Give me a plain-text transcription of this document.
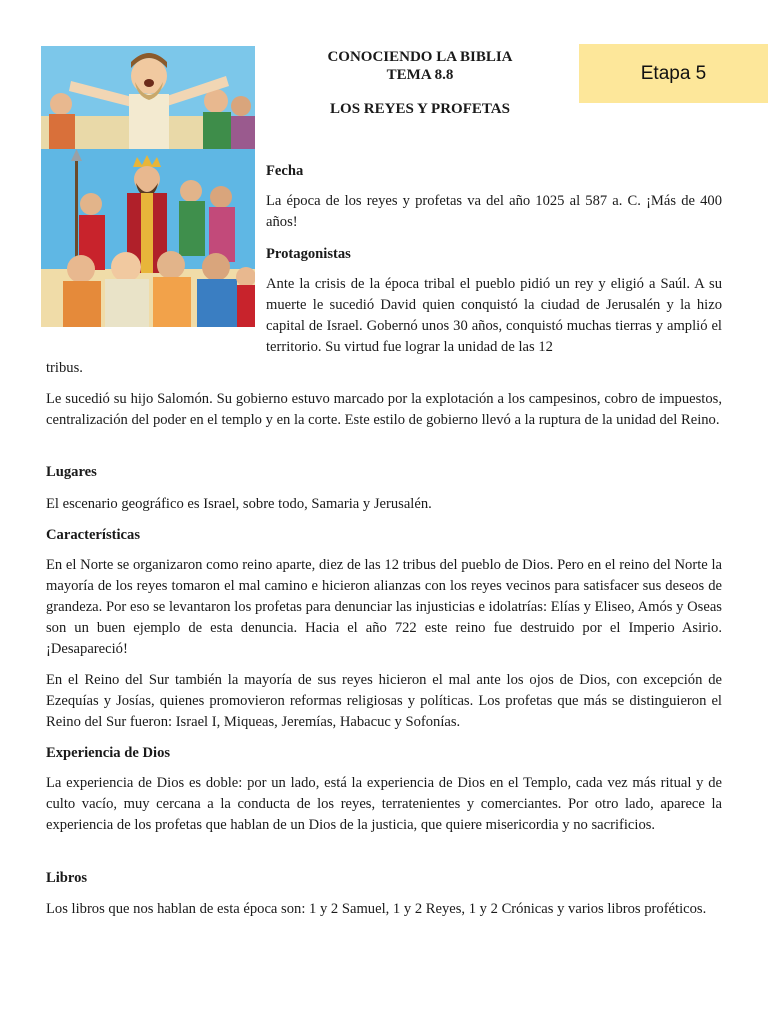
CONOCIENDO LA BIBLIA
TEMA 8.8
LOS REYES Y PROFETAS
Etapa 5
Fecha
La época de los reyes y profetas va del año 1025 al 587 a. C. ¡Más de 400 años!
Protagonistas
Ante la crisis de la época tribal el pueblo pidió un rey y eligió a Saúl. A su muerte le sucedió David quien conquistó la ciudad de Jerusalén y la hizo capital de Israel. Gobernó unos 30 años, conquistó muchas tierras y amplió el territorio. Su virtud fue lograr la unidad de las 12
tribus.
Le sucedió su hijo Salomón. Su gobierno estuvo marcado por la explotación a los campesinos, cobro de impuestos, centralización del poder en el templo y en la corte. Este estilo de gobierno llevó a la ruptura de la unidad del Reino.
Lugares
El escenario geográfico es Israel, sobre todo, Samaria y Jerusalén.
Características
En el Norte se organizaron como reino aparte, diez de las 12 tribus del pueblo de Dios. Pero en el reino del Norte la mayoría de los reyes tomaron el mal camino e hicieron alianzas con los reyes vecinos para satisfacer sus deseos de grandeza. Por eso se levantaron los profetas para denunciar las injusticias e idolatrías: Elías y Eliseo, Amós y Oseas son un buen ejemplo de esta denuncia. Hacia el año 722 este reino fue destruido por el Imperio Asirio. ¡Desapareció!
En el Reino del Sur también la mayoría de sus reyes hicieron el mal ante los ojos de Dios, con excepción de Ezequías y Josías, quienes promovieron reformas religiosas y políticas. Los profetas que más se distinguieron el Reino del Sur fueron: Israel I, Miqueas, Jeremías, Habacuc y Sofonías.
Experiencia de Dios
La experiencia de Dios es doble: por un lado, está la experiencia de Dios en el Templo, cada vez más ritual y de culto vacío, muy cercana a la conducta de los reyes, terratenientes y comerciantes. Por otro lado, aparece la experiencia de los profetas que hablan de un Dios de la justicia, que quiere misericordia y no sacrificios.
Libros
Los libros que nos hablan de esta época son: 1 y 2 Samuel, 1 y 2 Reyes, 1 y 2 Crónicas y varios libros proféticos.
